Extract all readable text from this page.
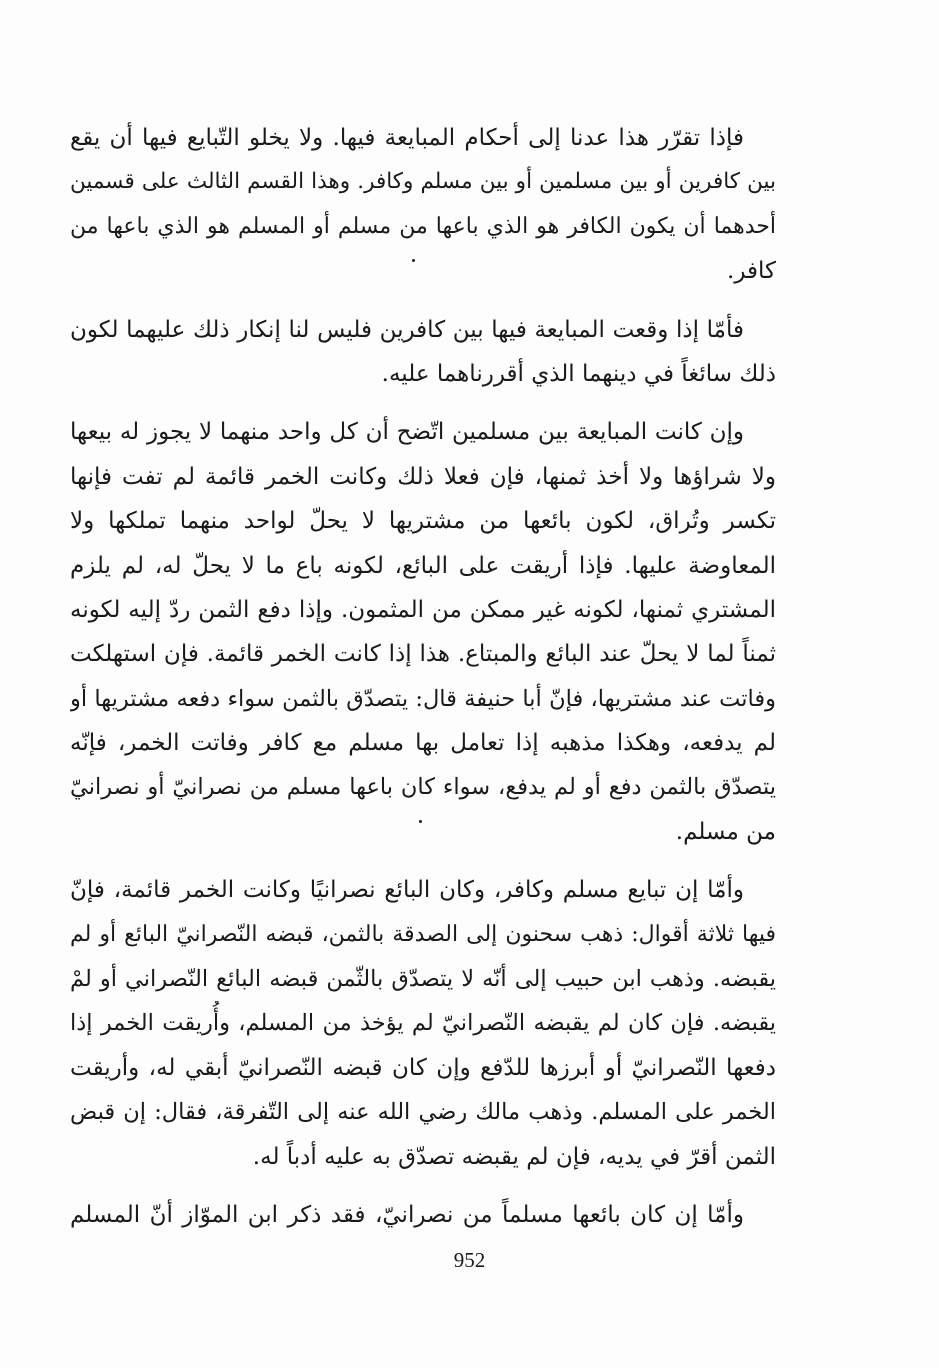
فإذا تقرّر هذا عدنا إلى أحكام المبايعة فيها. ولا يخلو التّبايع فيها أن يقع
بين كافرين أو بين مسلمين أو بين مسلم وكافر. وهذا القسم الثالث على قسمين
أحدهما أن يكون الكافر هو الذي باعها من مسلم أو المسلم هو الذي باعها من
كافر.
فأمّا إذا وقعت المبايعة فيها بين كافرين فليس لنا إنكار ذلك عليهما لكون
ذلك سائغاً في دينهما الذي أقررناهما عليه.
وإن كانت المبايعة بين مسلمين اتّضح أن كل واحد منهما لا يجوز له بيعها
ولا شراؤها ولا أخذ ثمنها، فإن فعلا ذلك وكانت الخمر قائمة لم تفت فإنها
تكسر وتُراق، لكون بائعها من مشتريها لا يحلّ لواحد منهما تملكها ولا
المعاوضة عليها. فإذا أريقت على البائع، لكونه باع ما لا يحلّ له، لم يلزم
المشتري ثمنها، لكونه غير ممكن من المثمون. وإذا دفع الثمن ردّ إليه لكونه
ثمناً لما لا يحلّ عند البائع والمبتاع. هذا إذا كانت الخمر قائمة. فإن استهلكت
وفاتت عند مشتريها، فإنّ أبا حنيفة قال: يتصدّق بالثمن سواء دفعه مشتريها أو
لم يدفعه، وهكذا مذهبه إذا تعامل بها مسلم مع كافر وفاتت الخمر، فإنّه
يتصدّق بالثمن دفع أو لم يدفع، سواء كان باعها مسلم من نصرانيّ أو نصرانيّ
من مسلم.
وأمّا إن تبايع مسلم وكافر، وكان البائع نصرانيًا وكانت الخمر قائمة، فإنّ
فيها ثلاثة أقوال: ذهب سحنون إلى الصدقة بالثمن، قبضه النّصرانيّ البائع أو لم
يقبضه. وذهب ابن حبيب إلى أنّه لا يتصدّق بالثّمن قبضه البائع النّصراني أو لمْ
يقبضه. فإن كان لم يقبضه النّصرانيّ لم يؤخذ من المسلم، وأُريقت الخمر إذا
دفعها النّصرانيّ أو أبرزها للدّفع وإن كان قبضه النّصرانيّ أبقي له، وأريقت
الخمر على المسلم. وذهب مالك رضي الله عنه إلى التّفرقة، فقال: إن قبض
الثمن أقرّ في يديه، فإن لم يقبضه تصدّق به عليه أدباً له.
وأمّا إن كان بائعها مسلماً من نصرانيّ، فقد ذكر ابن الموّاز أنّ المسلم
952
